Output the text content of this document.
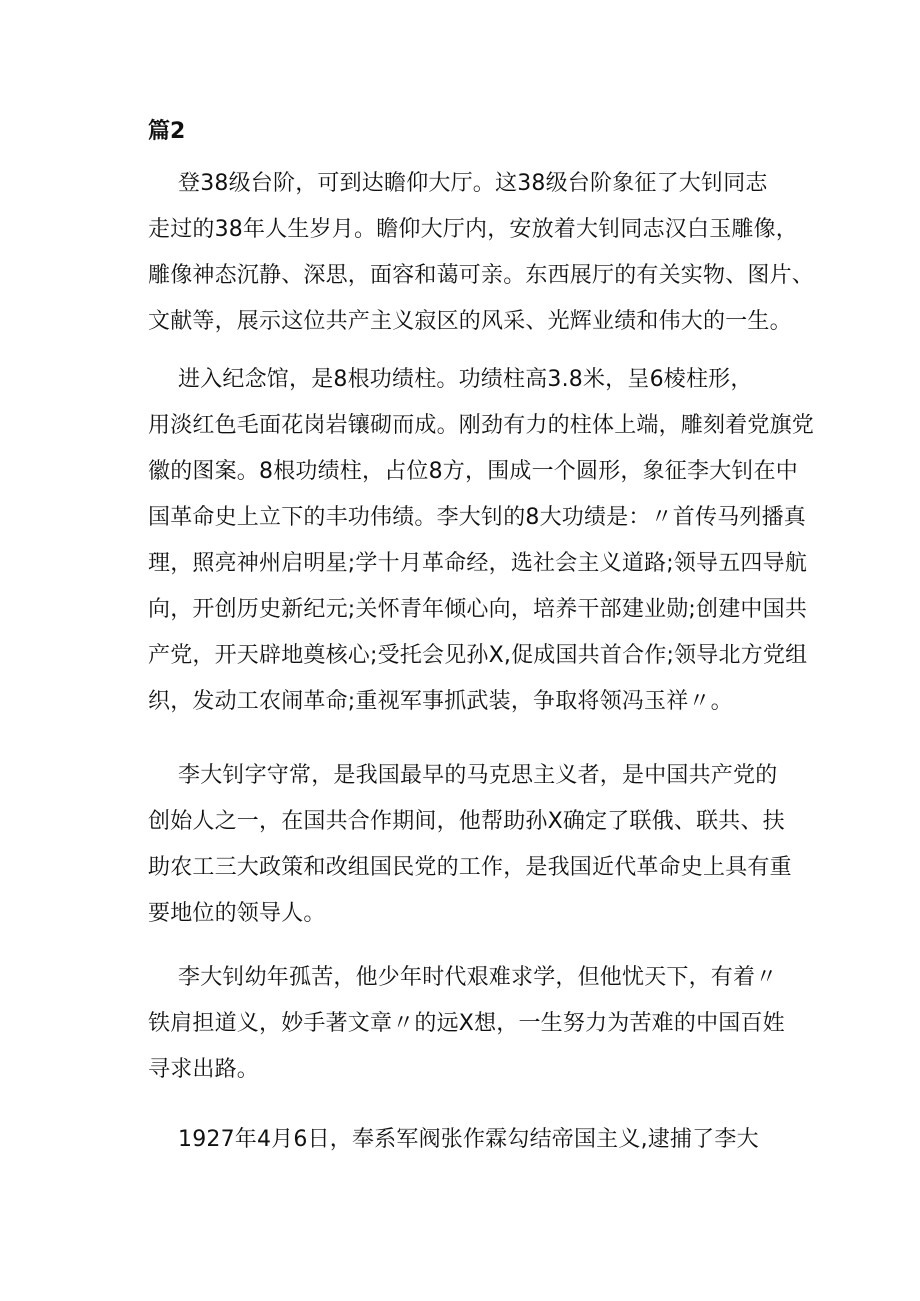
篇2
登38级台阶，可到达瞻仰大厅。这38级台阶象征了大钊同志
走过的38年人生岁月。瞻仰大厅内，安放着大钊同志汉白玉雕像，
雕像神态沉静、深思，面容和蔼可亲。东西展厅的有关实物、图片、
文献等，展示这位共产主义寂区的风采、光辉业绩和伟大的一生。
进入纪念馆，是8根功绩柱。功绩柱高3.8米，呈6棱柱形，
用淡红色毛面花岗岩镶砌而成。刚劲有力的柱体上端，雕刻着党旗党
徽的图案。8根功绩柱，占位8方，围成一个圆形，象征李大钊在中
国革命史上立下的丰功伟绩。李大钊的8大功绩是：〃首传马列播真
理，照亮神州启明星;学十月革命经，选社会主义道路;领导五四导航
向，开创历史新纪元;关怀青年倾心向，培养干部建业勋;创建中国共
产党，开天辟地奠核心;受托会见孙X,促成国共首合作;领导北方党组
织，发动工农闹革命;重视军事抓武装，争取将领冯玉祥〃。
李大钊字守常，是我国最早的马克思主义者，是中国共产党的
创始人之一，在国共合作期间，他帮助孙X确定了联俄、联共、扶
助农工三大政策和改组国民党的工作，是我国近代革命史上具有重
要地位的领导人。
李大钊幼年孤苦，他少年时代艰难求学，但他忧天下，有着〃
铁肩担道义，妙手著文章〃的远X想，一生努力为苦难的中国百姓
寻求出路。
1927年4月6日，奉系军阀张作霖勾结帝国主义,逮捕了李大
